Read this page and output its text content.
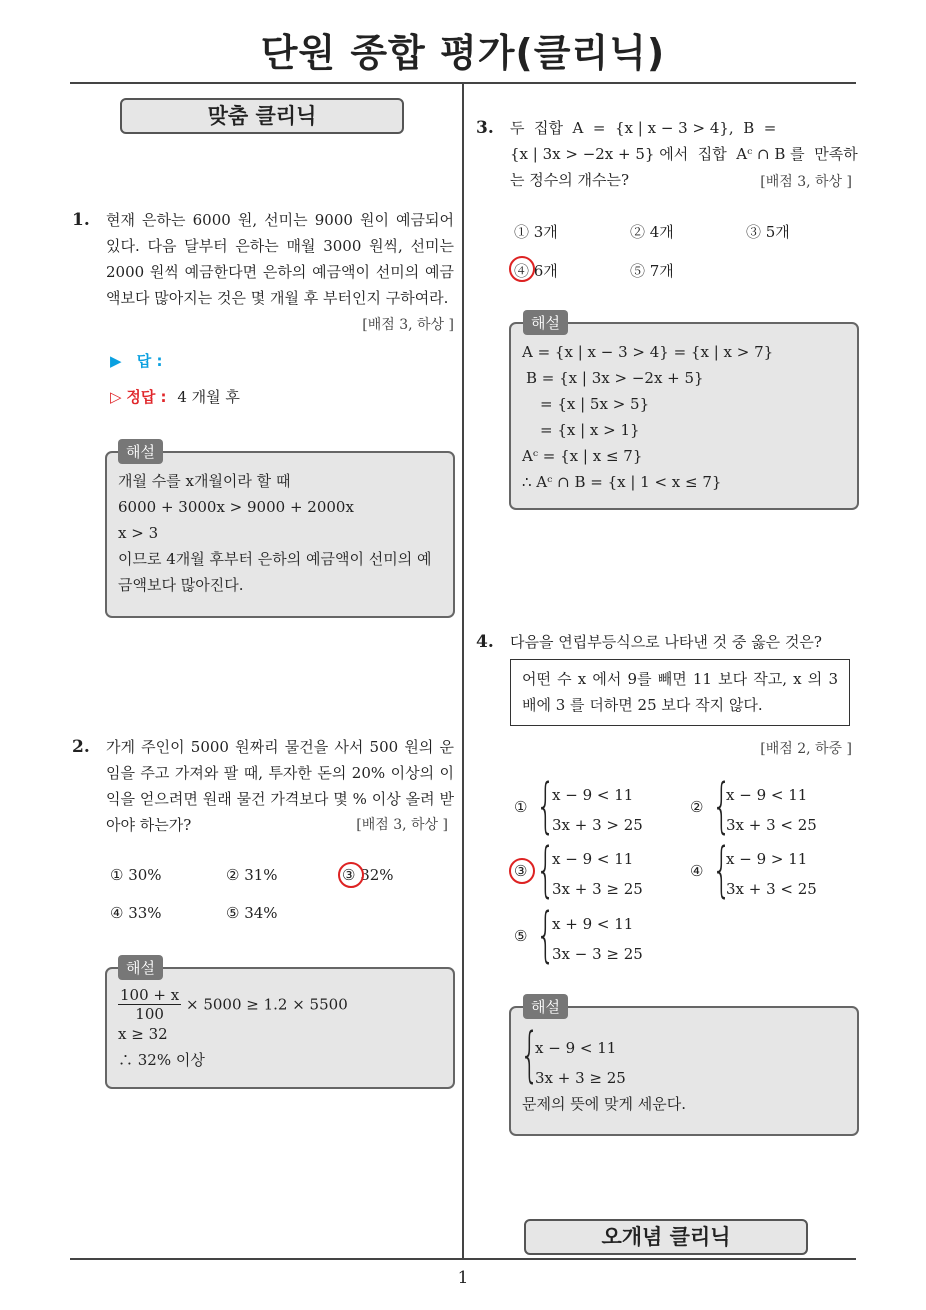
단원 종합 평가(클리닉)
맞춤 클리닉
1. 현재 은하는 6000 원, 선미는 9000 원이 예금되어 있다. 다음 달부터 은하는 매월 3000 원씩, 선미는 2000 원씩 예금한다면 은하의 예금액이 선미의 예금액보다 많아지는 것은 몇 개월 후 부터인지 구하여라.
[배점 3, 하상 ]
▶ 답 :
▷ 정답 : 4 개월 후
해설
개월 수를 x개월이라 할 때
6000 + 3000x > 9000 + 2000x
x > 3
이므로 4개월 후부터 은하의 예금액이 선미의 예
금액보다 많아진다.
2. 가게 주인이 5000 원짜리 물건을 사서 500 원의 운임을 주고 가져와 팔 때, 투자한 돈의 20% 이상의 이익을 얻으려면 원래 물건 가격보다 몇 % 이상 올려 받아야 하는가?	[배점 3, 하상 ]
① 30%	② 31%	③ 32%
④ 33%	⑤ 34%
해설
$\frac{100 + x}{100} \times 5000 \ge 1.2 \times 5500$
x ≥ 32
∴ 32% 이상
3. 두  집합  A  =  {x | x − 3 > 4},  B  =
{x | 3x > −2x + 5} 에서  집합  Aᶜ ∩ B 를  만족하
는 정수의 개수는?	[배점 3, 하상 ]
① 3개	② 4개	③ 5개
④ 6개	⑤ 7개
해설
A = {x | x − 3 > 4} = {x | x > 7}
B = {x | 3x > −2x + 5}
= {x | 5x > 5}
= {x | x > 1}
Aᶜ = {x | x ≤ 7}
∴ Aᶜ ∩ B = {x | 1 < x ≤ 7}
4. 다음을 연립부등식으로 나타낸 것 중 옳은 것은?
어떤 수 x 에서 9를 빼면 11 보다 작고, x 의 3 배에 3 를 더하면 25 보다 작지 않다.
[배점 2, 하중 ]
① {
x − 9 < 11
3x + 3 > 25
② {
x − 9 < 11
3x + 3 < 25
③ {
x − 9 < 11
3x + 3 ≥ 25
④ {
x − 9 > 11
3x + 3 < 25
⑤ {
x + 9 < 11
3x − 3 ≥ 25
해설
{
x − 9 < 11
3x + 3 ≥ 25
문제의 뜻에 맞게 세운다.
오개념 클리닉
1
